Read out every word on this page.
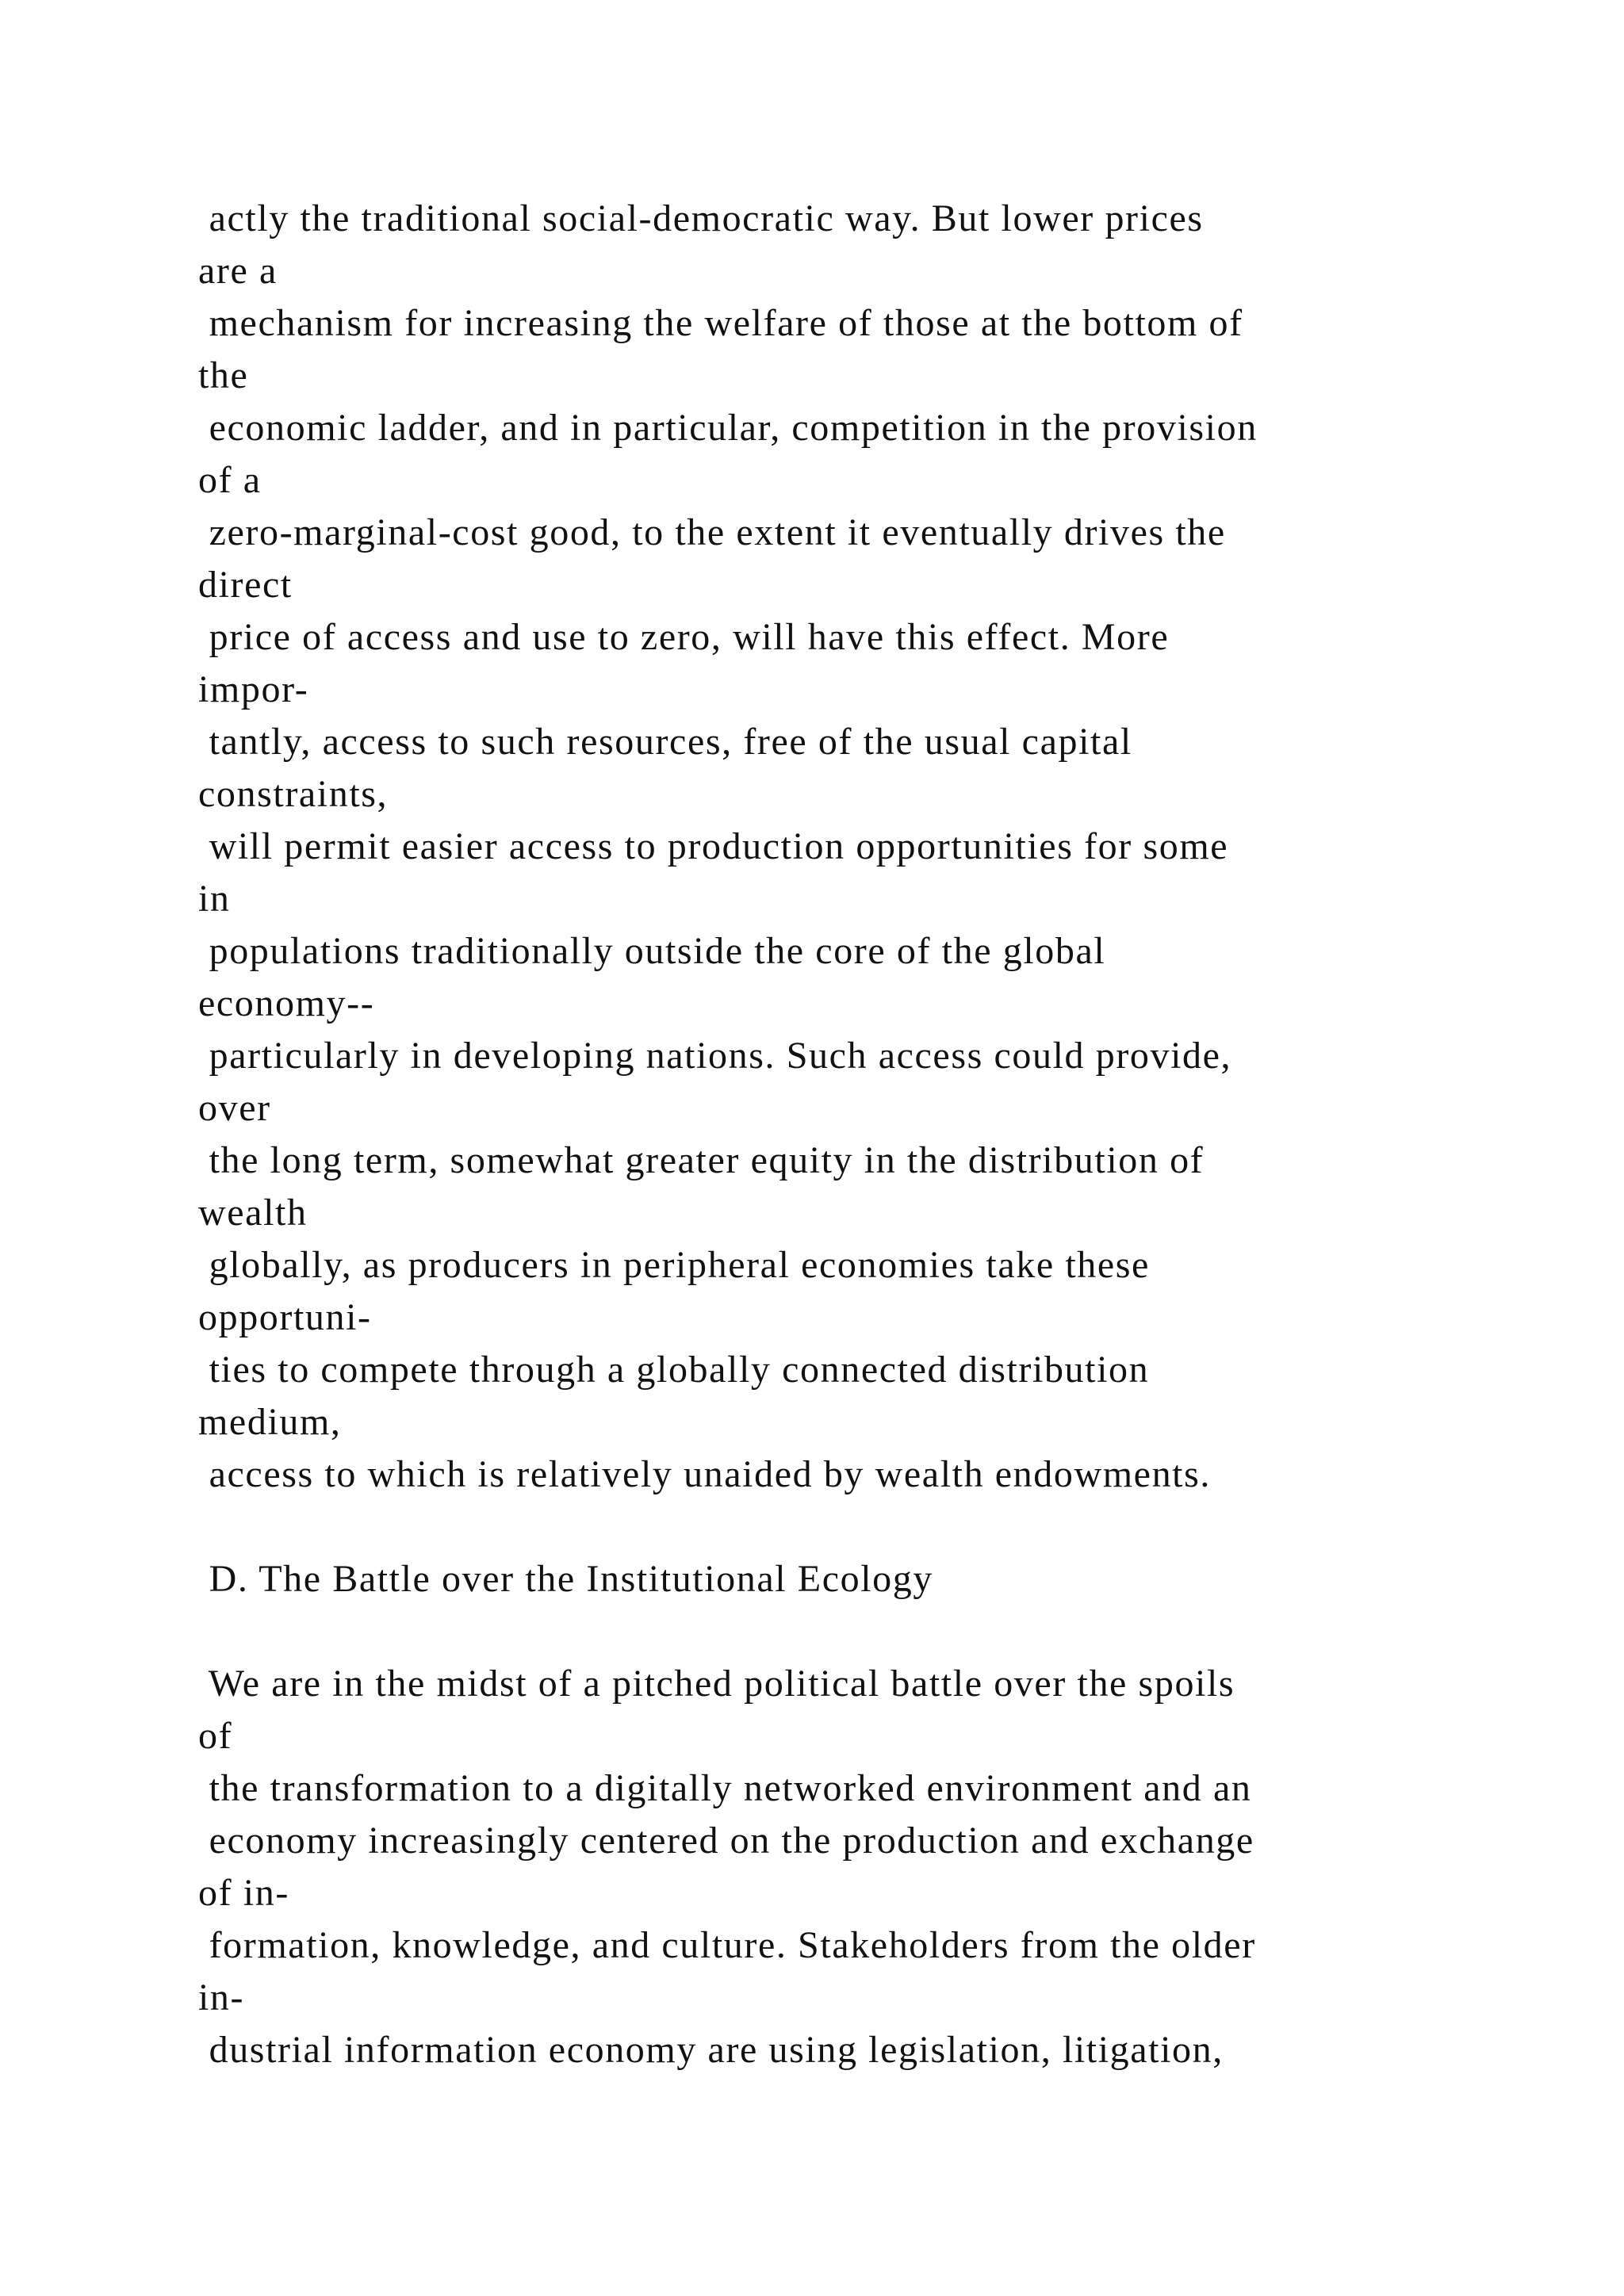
actly the traditional social-democratic way. But lower prices
are a
mechanism for increasing the welfare of those at the bottom of
the
economic ladder, and in particular, competition in the provision
of a
zero-marginal-cost good, to the extent it eventually drives the
direct
price of access and use to zero, will have this effect. More
impor-
tantly, access to such resources, free of the usual capital
constraints,
will permit easier access to production opportunities for some
in
populations traditionally outside the core of the global
economy--
particularly in developing nations. Such access could provide,
over
the long term, somewhat greater equity in the distribution of
wealth
globally, as producers in peripheral economies take these
opportuni-
ties to compete through a globally connected distribution
medium,
access to which is relatively unaided by wealth endowments.
D. The Battle over the Institutional Ecology
We are in the midst of a pitched political battle over the spoils
of
the transformation to a digitally networked environment and an
economy increasingly centered on the production and exchange
of in-
formation, knowledge, and culture. Stakeholders from the older
in-
dustrial information economy are using legislation, litigation,
